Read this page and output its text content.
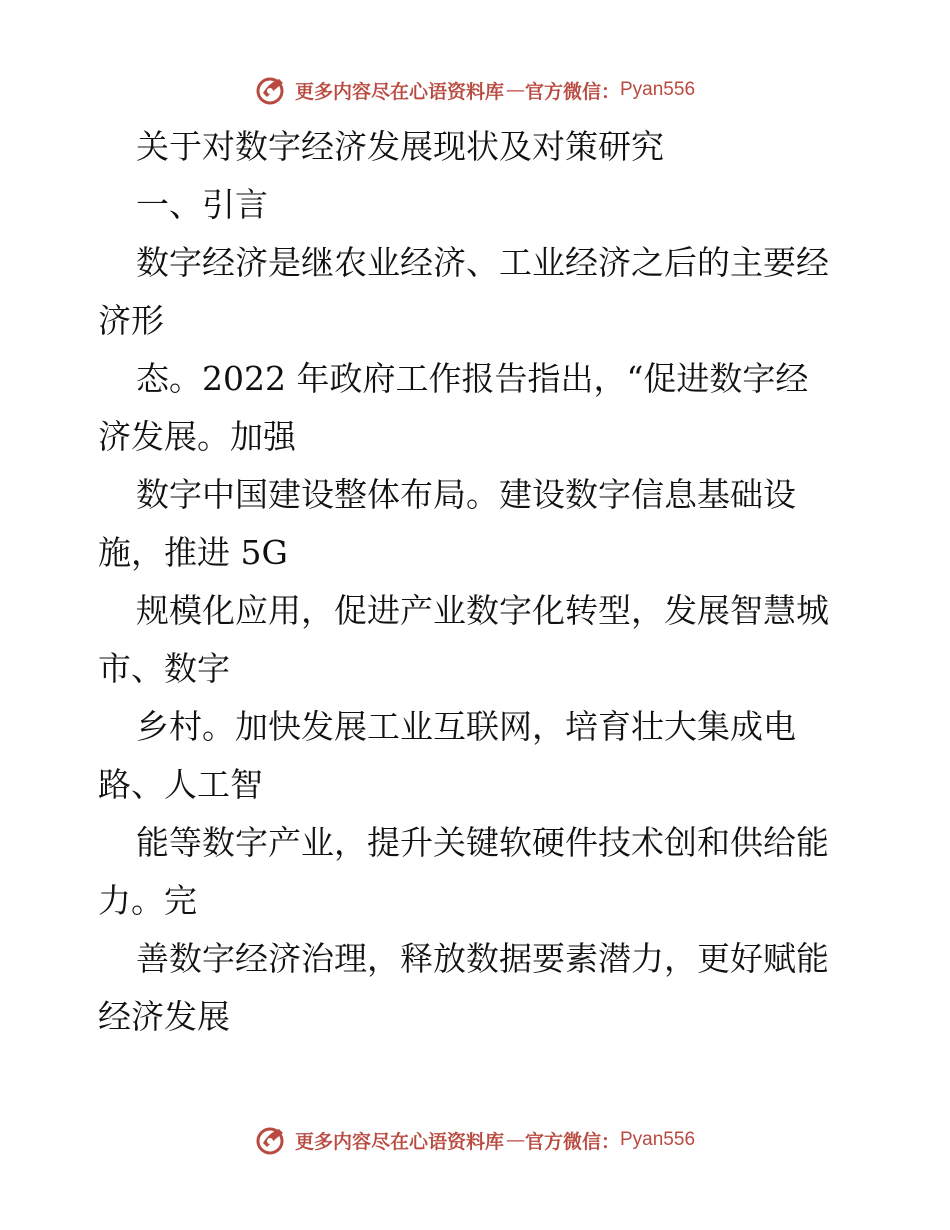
更多内容尽在心语资料库 — 官方微信： Pyan556
关于对数字经济发展现状及对策研究
一、引言
数字经济是继农业经济、工业经济之后的主要经
济形
态。2022 年政府工作报告指出，“促进数字经
济发展。加强
数字中国建设整体布局。建设数字信息基础设
施，推进 5G
规模化应用，促进产业数字化转型，发展智慧城
市、数字
乡村。加快发展工业互联网，培育壮大集成电
路、人工智
能等数字产业，提升关键软硬件技术创和供给能
力。完
善数字经济治理，释放数据要素潜力，更好赋能
经济发展
更多内容尽在心语资料库 — 官方微信： Pyan556
